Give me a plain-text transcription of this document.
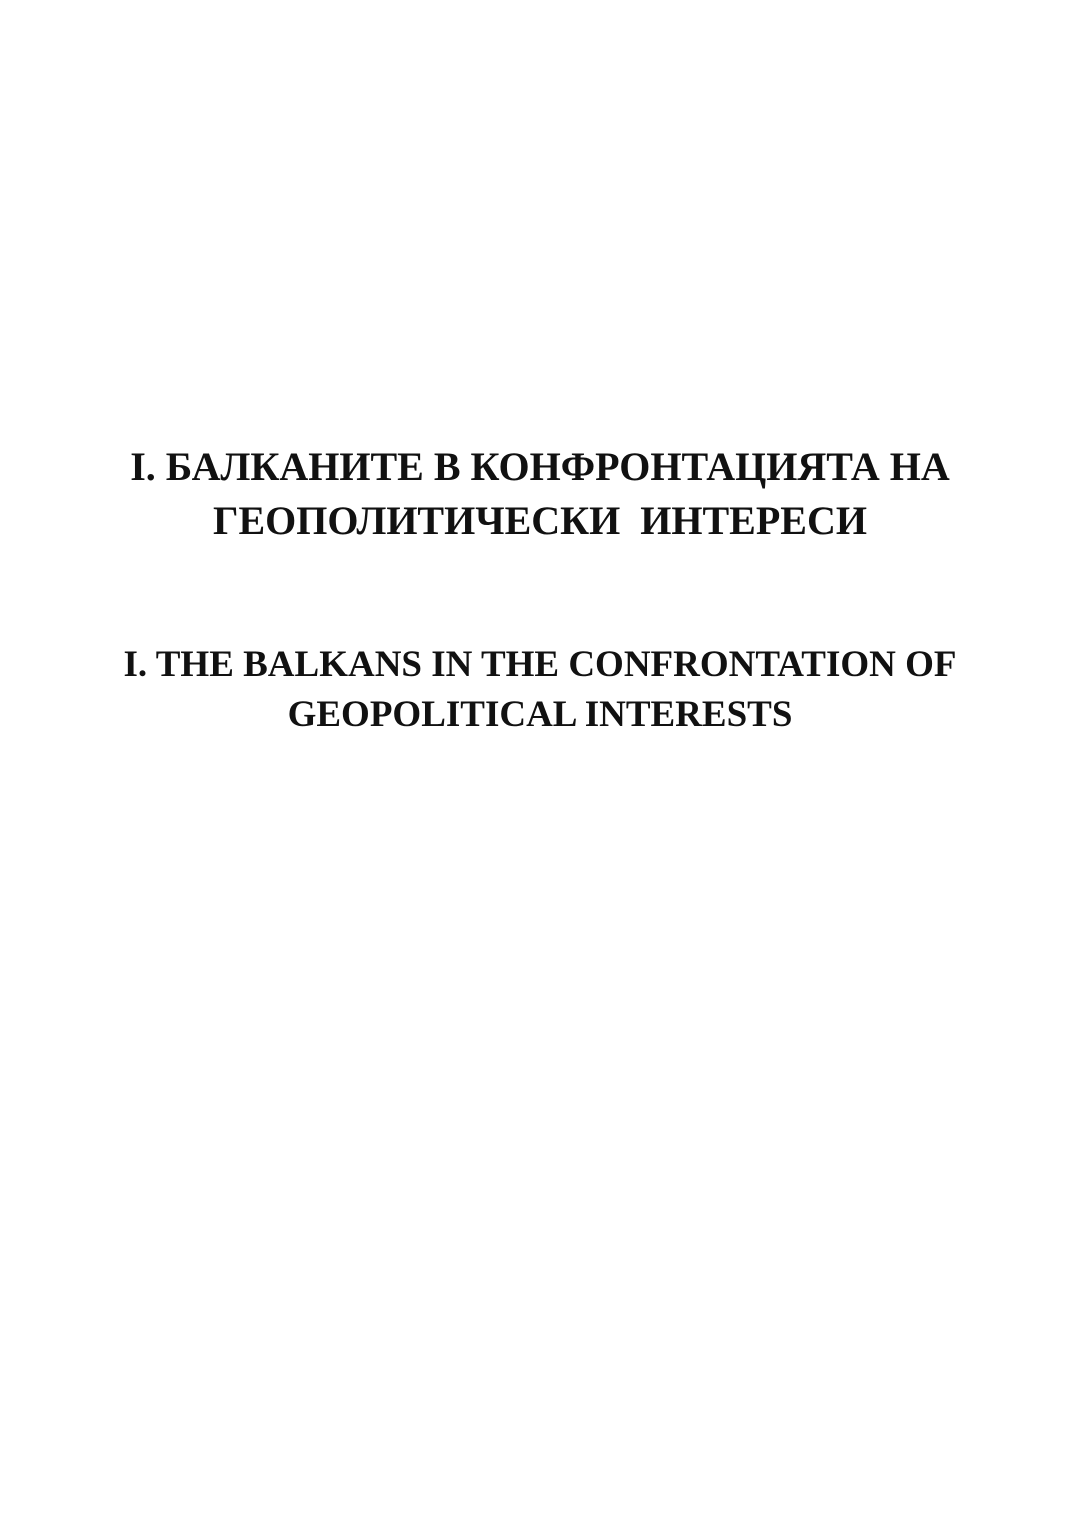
I. БАЛКАНИТЕ В КОНФРОНТАЦИЯТА НА
ГЕОПОЛИТИЧЕСКИ  ИНТЕРЕСИ
I. THE BALKANS IN THE CONFRONTATION OF
GEOPOLITICAL INTERESTS
